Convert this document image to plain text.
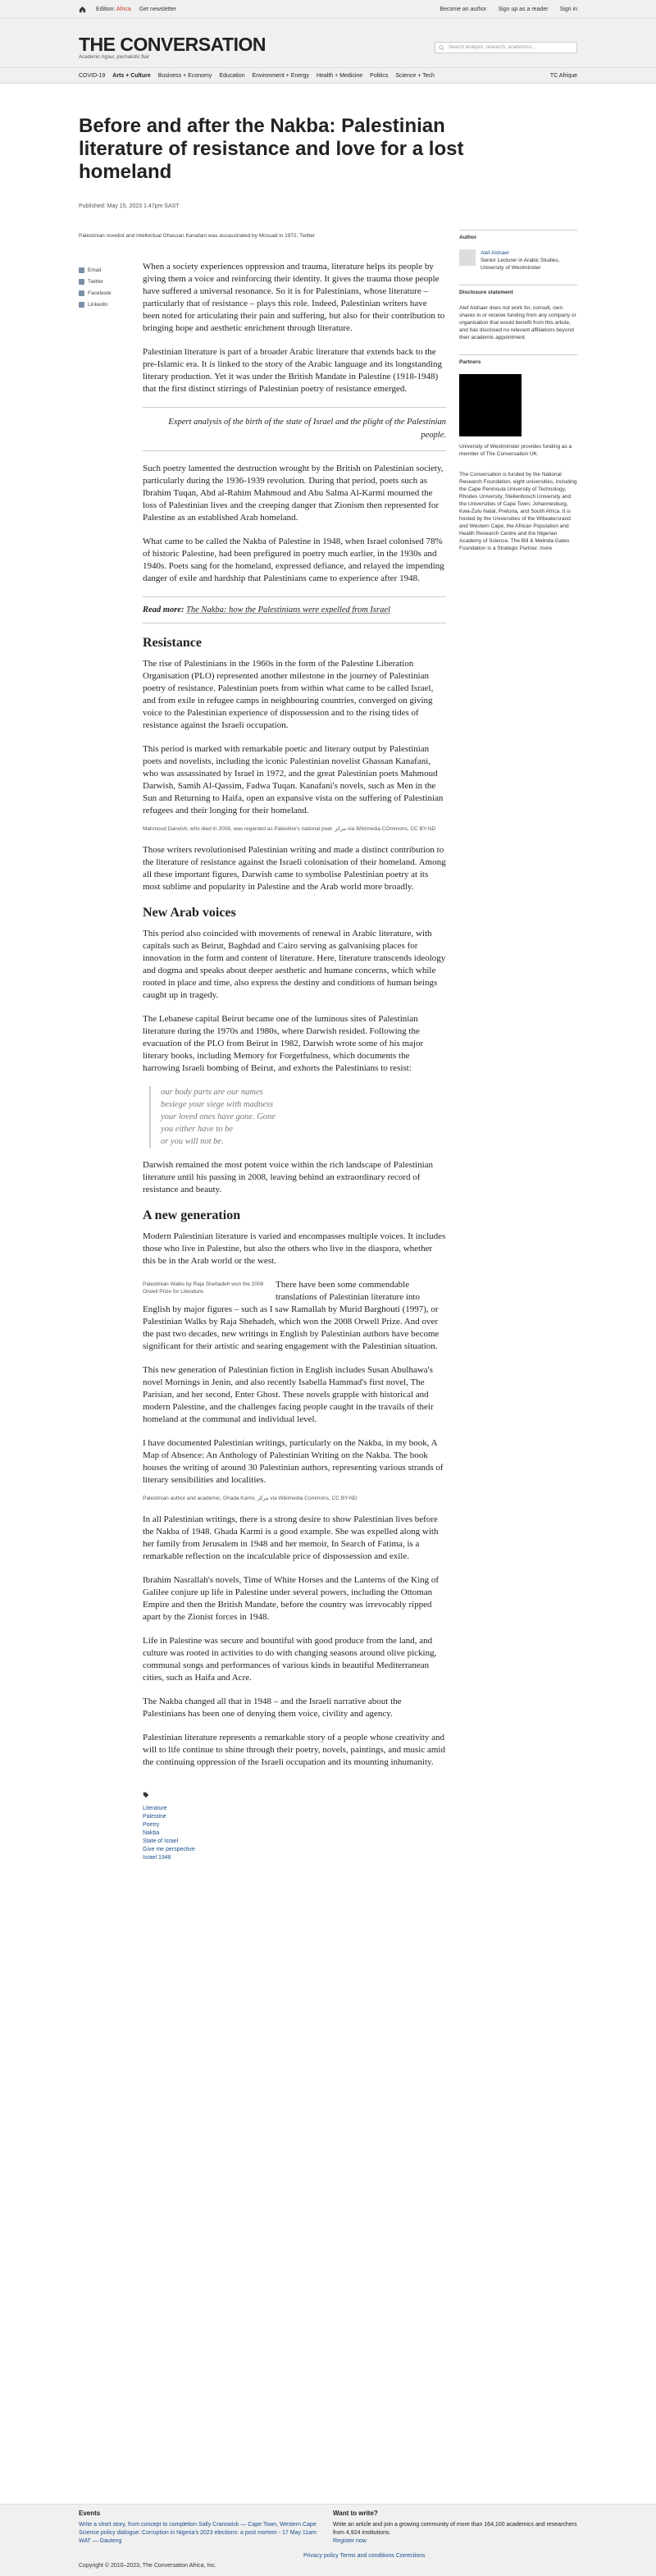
Edition: Africa Get newsletter	Become an author Sign up as a reader Sign in
THE CONVERSATION
Academic rigour, journalistic flair
Search analysis, research, academics...
COVID-19 Arts + Culture Business + Economy Education Environment + Energy Health + Medicine Politics Science + Tech	TC Afrique
Before and after the Nakba: Palestinian literature of resistance and love for a lost homeland
Published: May 15, 2023 1:47pm SAST
Palestinian novelist and intellectual Ghassan Kanafani was assassinated by Mossad in 1972. Twitter
Email
Twitter
Facebook
LinkedIn

When a society experiences oppression and trauma, literature helps its people by giving them a voice and reinforcing their identity. It gives the trauma those people have suffered a universal resonance. So it is for Palestinians, whose literature – particularly that of resistance – plays this role. Indeed, Palestinian writers have been noted for articulating their pain and suffering, but also for their contribution to bringing hope and aesthetic enrichment through literature.

Palestinian literature is part of a broader Arabic literature that extends back to the pre-Islamic era. It is linked to the story of the Arabic language and its longstanding literary production. Yet it was under the British Mandate in Palestine (1918-1948) that the first distinct stirrings of Palestinian poetry of resistance emerged.

Expert analysis of the birth of the state of Israel and the plight of the Palestinian people.

Such poetry lamented the destruction wrought by the British on Palestinian society, particularly during the 1936-1939 revolution. During that period, poets such as Ibrahim Tuqan, Abd al-Rahim Mahmoud and Abu Salma Al-Karmi mourned the loss of Palestinian lives and the creeping danger that Zionism then represented for Palestine as an established Arab homeland.

What came to be called the Nakba of Palestine in 1948, when Israel colonised 78% of historic Palestine, had been prefigured in poetry much earlier, in the 1930s and 1940s. Poets sang for the homeland, expressed defiance, and relayed the impending danger of exile and hardship that Palestinians came to experience after 1948.

Read more: The Nakba: how the Palestinians were expelled from Israel
Resistance

The rise of Palestinians in the 1960s in the form of the Palestine Liberation Organisation (PLO) represented another milestone in the journey of Palestinian poetry of resistance. Palestinian poets from within what came to be called Israel, and from exile in refugee camps in neighbouring countries, converged on giving voice to the Palestinian experience of dispossession and to the rising tides of resistance against the Israeli occupation.

This period is marked with remarkable poetic and literary output by Palestinian poets and novelists, including the iconic Palestinian novelist Ghassan Kanafani, who was assassinated by Israel in 1972, and the great Palestinian poets Mahmoud Darwish, Samih Al-Qassim, Fadwa Tuqan. Kanafani's novels, such as Men in the Sun and Returning to Haifa, open an expansive vista on the suffering of Palestinian refugees and their longing for their homeland.

Mahmoud Darwish, who died in 2008, was regarded as Palestine's national poet. مركز via Wikimedia COmmons, CC BY-ND

Those writers revolutionised Palestinian writing and made a distinct contribution to the literature of resistance against the Israeli colonisation of their homeland. Among all these important figures, Darwish came to symbolise Palestinian poetry at its most sublime and popularity in Palestine and the Arab world more broadly.

New Arab voices

This period also coincided with movements of renewal in Arabic literature, with capitals such as Beirut, Baghdad and Cairo serving as galvanising places for innovation in the form and content of literature. Here, literature transcends ideology and dogma and speaks about deeper aesthetic and humane concerns, which while rooted in place and time, also express the destiny and conditions of human beings caught up in tragedy.

The Lebanese capital Beirut became one of the luminous sites of Palestinian literature during the 1970s and 1980s, where Darwish resided. Following the evacuation of the PLO from Beirut in 1982, Darwish wrote some of his major literary books, including Memory for Forgetfulness, which documents the harrowing Israeli bombing of Beirut, and exhorts the Palestinians to resist:

our body parts are our names
besiege your siege with madness
your loved ones have gone. Gone
you either have to be
or you will not be.

Darwish remained the most potent voice within the rich landscape of Palestinian literature until his passing in 2008, leaving behind an extraordinary record of resistance and beauty.

A new generation

Modern Palestinian literature is varied and encompasses multiple voices. It includes those who live in Palestine, but also the others who live in the diaspora, whether this be in the Arab world or the west.

Palestinian Walks by Raja Shehadeh won the 2008 Orwell Prize for Literature.

There have been some commendable translations of Palestinian literature into English by major figures – such as I saw Ramallah by Murid Barghouti (1997), or Palestinian Walks by Raja Shehadeh, which won the 2008 Orwell Prize. And over the past two decades, new writings in English by Palestinian authors have become significant for their artistic and searing engagement with the Palestinian situation.

This new generation of Palestinian fiction in English includes Susan Abulhawa's novel Mornings in Jenin, and also recently Isabella Hammad's first novel, The Parisian, and her second, Enter Ghost. These novels grapple with historical and modern Palestine, and the challenges facing people caught in the travails of their homeland at the communal and individual level.

I have documented Palestinian writings, particularly on the Nakba, in my book, A Map of Absence: An Anthology of Palestinian Writing on the Nakba. The book houses the writing of around 30 Palestinian authors, representing various strands of literary sensibilities and localities.

Palestinian author and academic, Ghada Karmi. مركز via Wikimedia Commons, CC BY-ND

In all Palestinian writings, there is a strong desire to show Palestinian lives before the Nakba of 1948. Ghada Karmi is a good example. She was expelled along with her family from Jerusalem in 1948 and her memoir, In Search of Fatima, is a remarkable reflection on the incalculable price of dispossession and exile.

Ibrahim Nasrallah's novels, Time of White Horses and the Lanterns of the King of Galilee conjure up life in Palestine under several powers, including the Ottoman Empire and then the British Mandate, before the country was irrevocably ripped apart by the Zionist forces in 1948.

Life in Palestine was secure and bountiful with good produce from the land, and culture was rooted in activities to do with changing seasons around olive picking, communal songs and performances of various kinds in beautiful Mediterranean cities, such as Haifa and Acre.

The Nakba changed all that in 1948 – and the Israeli narrative about the Palestinians has been one of denying them voice, civility and agency.

Palestinian literature represents a remarkable story of a people whose creativity and will to life continue to shine through their poetry, novels, paintings, and music amid the continuing oppression of the Israeli occupation and its mounting inhumanity.

Literature
Palestine
Poetry
Nakba
State of Israel
Give me perspective
Israel 1948
Author
Atef Alshaer
Senior Lecturer in Arabic Studies, University of Westminster
Disclosure statement
Atef Alshaer does not work for, consult, own shares in or receive funding from any company or organisation that would benefit from this article, and has disclosed no relevant affiliations beyond their academic appointment.
Partners
University of Westminster provides funding as a member of The Conversation UK.
The Conversation is funded by the National Research Foundation, eight universities, including the Cape Peninsula University of Technology, Rhodes University, Stellenbosch University and the Universities of Cape Town, Johannesburg, Kwa-Zulu Natal, Pretoria, and South Africa. It is hosted by the Universities of the Witwatersrand and Western Cape, the African Population and Health Research Centre and the Nigerian Academy of Science. The Bill & Melinda Gates Foundation is a Strategic Partner. more
Events
Write a short story, from concept to completion Sally Cranswick — Cape Town, Western Cape
Science policy dialogue: Corruption in Nigeria's 2023 elections: a post mortem - 17 May 11am WAT — Gauteng
Want to write?
Write an article and join a growing community of more than 164,100 academics and researchers from 4,924 institutions.
Register now
Privacy policy Terms and conditions Corrections
Copyright © 2010–2023, The Conversation Africa, Inc.
